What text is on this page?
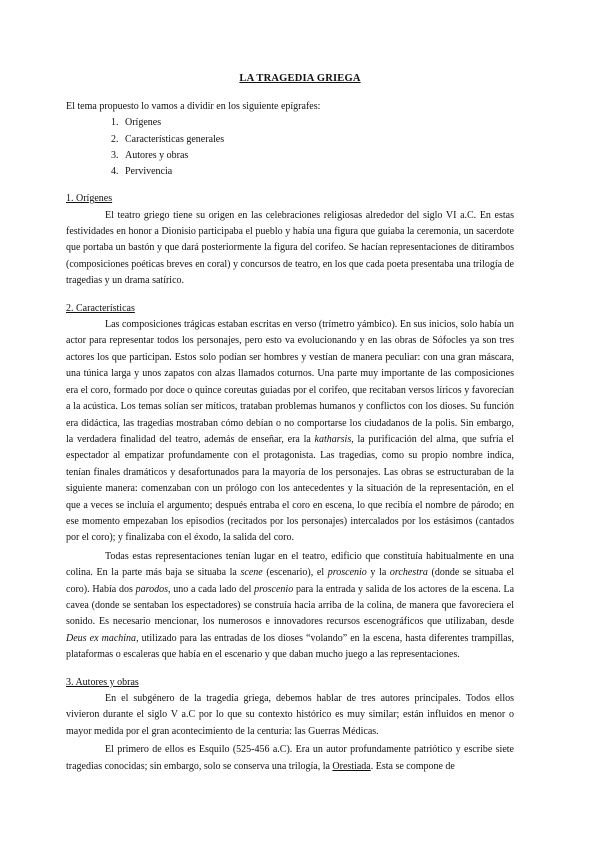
LA TRAGEDIA GRIEGA

El tema propuesto lo vamos a dividir en los siguiente epígrafes:

1. Orígenes
2. Características generales
3. Autores y obras
4. Pervivencia

1. Orígenes

El teatro griego tiene su origen en las celebraciones religiosas alrededor del siglo VI a.C. En estas festividades en honor a Dionisio participaba el pueblo y había una figura que guiaba la ceremonia, un sacerdote que portaba un bastón y que dará posteriormente la figura del corifeo. Se hacían representaciones de ditirambos (composiciones poéticas breves en coral) y concursos de teatro, en los que cada poeta presentaba una trilogía de tragedias y un drama satírico.

2. Características

Las composiciones trágicas estaban escritas en verso (trímetro yámbico). En sus inicios, solo había un actor para representar todos los personajes, pero esto va evolucionando y en las obras de Sófocles ya son tres actores los que participan. Estos solo podían ser hombres y vestían de manera peculiar: con una gran máscara, una túnica larga y unos zapatos con alzas llamados coturnos. Una parte muy importante de las composiciones era el coro, formado por doce o quince coreutas guiadas por el corifeo, que recitaban versos líricos y favorecían a la acústica. Los temas solían ser míticos, trataban problemas humanos y conflictos con los dioses. Su función era didáctica, las tragedias mostraban cómo debían o no comportarse los ciudadanos de la polis. Sin embargo, la verdadera finalidad del teatro, además de enseñar, era la katharsis, la purificación del alma, que sufría el espectador al empatizar profundamente con el protagonista. Las tragedias, como su propio nombre indica, tenían finales dramáticos y desafortunados para la mayoría de los personajes. Las obras se estructuraban de la siguiente manera: comenzaban con un prólogo con los antecedentes y la situación de la representación, en el que a veces se incluía el argumento; después entraba el coro en escena, lo que recibía el nombre de párodo; en ese momento empezaban los episodios (recitados por los personajes) intercalados por los estásimos (cantados por el coro); y finalizaba con el éxodo, la salida del coro.

Todas estas representaciones tenían lugar en el teatro, edificio que constituía habitualmente en una colina. En la parte más baja se situaba la scene (escenario), el proscenio y la orchestra (donde se situaba el coro). Había dos parodos, uno a cada lado del proscenio para la entrada y salida de los actores de la escena. La cavea (donde se sentaban los espectadores) se construía hacia arriba de la colina, de manera que favoreciera el sonido. Es necesario mencionar, los numerosos e innovadores recursos escenográficos que utilizaban, desde Deus ex machina, utilizado para las entradas de los dioses “volando” en la escena, hasta diferentes trampillas, plataformas o escaleras que había en el escenario y que daban mucho juego a las representaciones.

3. Autores y obras

En el subgénero de la tragedia griega, debemos hablar de tres autores principales. Todos ellos vivieron durante el siglo V a.C por lo que su contexto histórico es muy similar; están influidos en menor o mayor medida por el gran acontecimiento de la centuria: las Guerras Médicas.

El primero de ellos es Esquilo (525-456 a.C). Era un autor profundamente patriótico y escribe siete tragedias conocidas; sin embargo, solo se conserva una trilogía, la Orestiada. Esta se compone de
